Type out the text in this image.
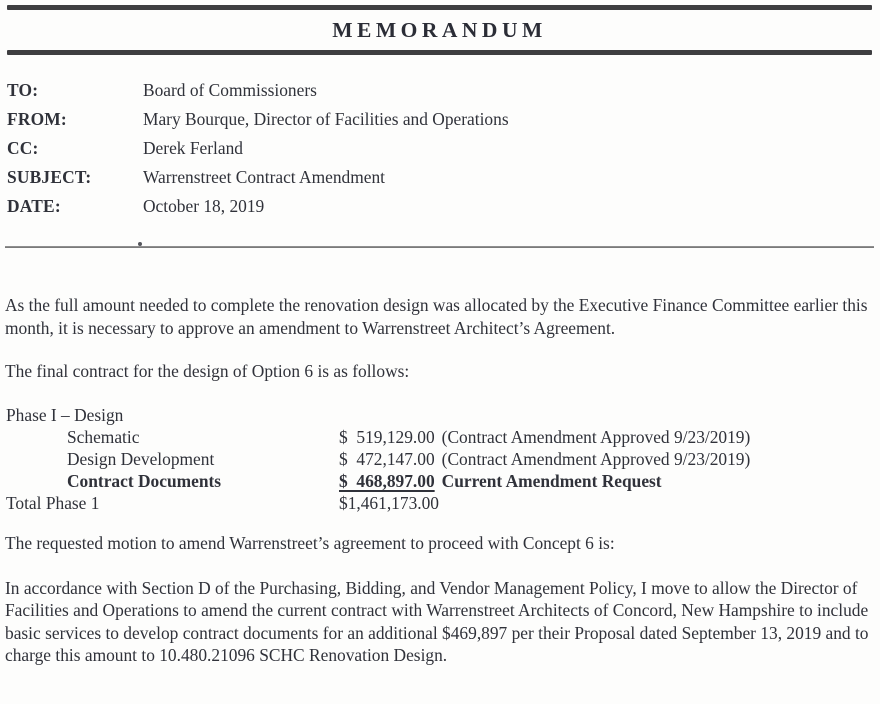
MEMORANDUM
TO:	Board of Commissioners
FROM:	Mary Bourque, Director of Facilities and Operations
CC:	Derek Ferland
SUBJECT:	Warrenstreet Contract Amendment
DATE:	October 18, 2019

As the full amount needed to complete the renovation design was allocated by the Executive Finance Committee earlier this month, it is necessary to approve an amendment to Warrenstreet Architect’s Agreement.

The final contract for the design of Option 6 is as follows:

Phase I – Design
Schematic	$  519,129.00 (Contract Amendment Approved 9/23/2019)
Design Development	$  472,147.00 (Contract Amendment Approved 9/23/2019)
Contract Documents	$  468,897.00 Current Amendment Request
Total Phase 1	$1,461,173.00

The requested motion to amend Warrenstreet’s agreement to proceed with Concept 6 is:

In accordance with Section D of the Purchasing, Bidding, and Vendor Management Policy, I move to allow the Director of Facilities and Operations to amend the current contract with Warrenstreet Architects of Concord, New Hampshire to include basic services to develop contract documents for an additional $469,897 per their Proposal dated September 13, 2019 and to charge this amount to 10.480.21096 SCHC Renovation Design.
